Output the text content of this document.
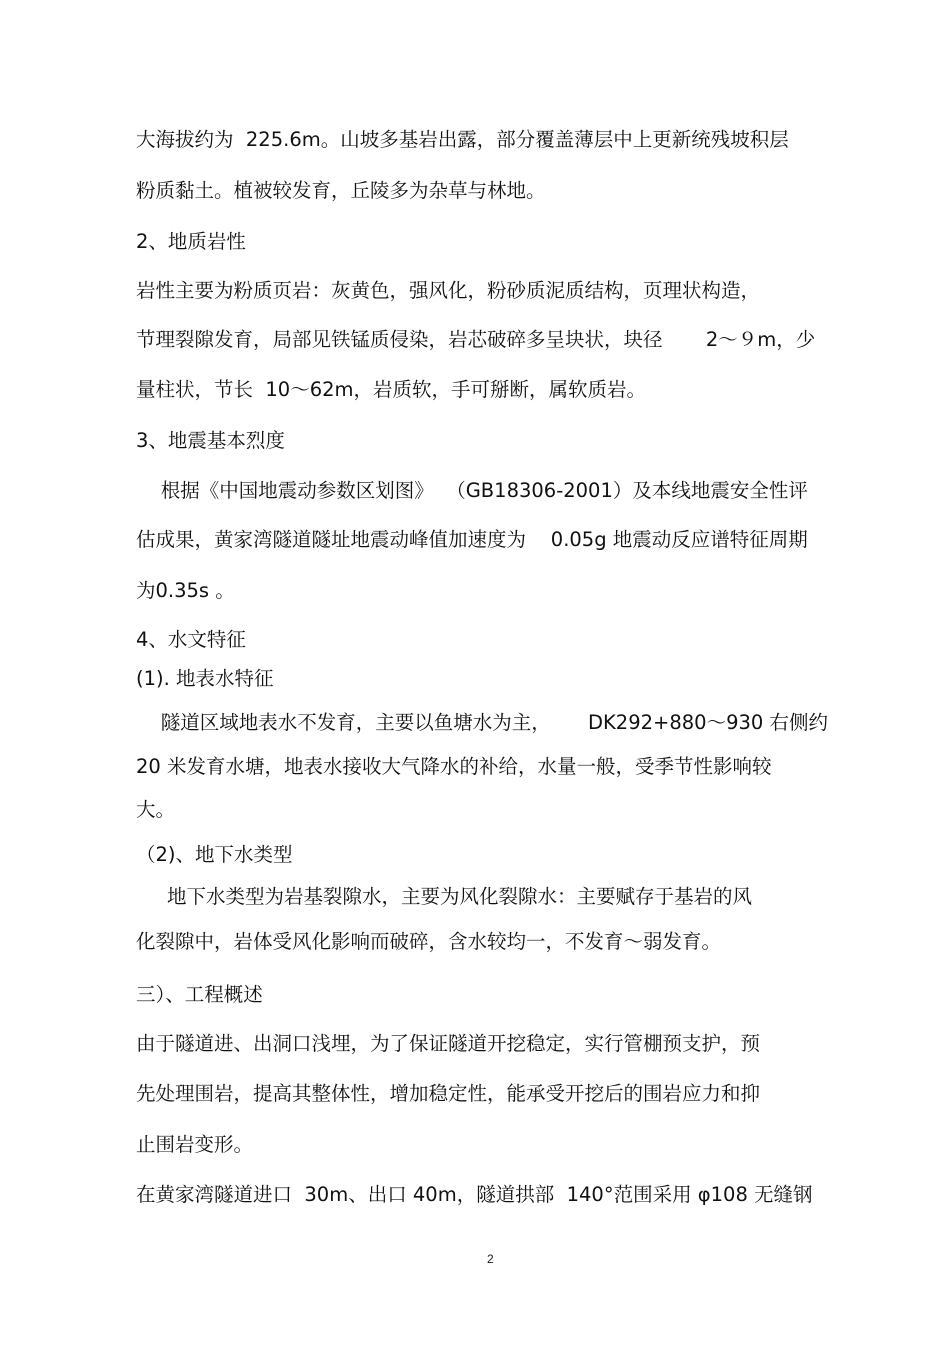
大海拔约为  225.6m。山坡多基岩出露，部分覆盖薄层中上更新统残坡积层
粉质黏土。植被较发育，丘陵多为杂草与林地。
2、地质岩性
岩性主要为粉质页岩：灰黄色，强风化，粉砂质泥质结构，页理状构造，
节理裂隙发育，局部见铁锰质侵染，岩芯破碎多呈块状，块径       2～９m，少
量柱状，节长  10～62m，岩质软，手可掰断，属软质岩。
3、地震基本烈度
根据《中国地震动参数区划图》  （GB18306-2001）及本线地震安全性评
估成果，黄家湾隧道隧址地震动峰值加速度为    0.05g 地震动反应谱特征周期
为0.35s 。
4、水文特征
(1). 地表水特征
隧道区域地表水不发育，主要以鱼塘水为主，      DK292+880～930 右侧约
20 米发育水塘，地表水接收大气降水的补给，水量一般，受季节性影响较
大。
（2)、地下水类型
地下水类型为岩基裂隙水，主要为风化裂隙水：主要赋存于基岩的风
化裂隙中，岩体受风化影响而破碎，含水较均一，不发育～弱发育。
三）、工程概述
由于隧道进、出洞口浅埋，为了保证隧道开挖稳定，实行管棚预支护，预
先处理围岩，提高其整体性，增加稳定性，能承受开挖后的围岩应力和抑
止围岩变形。
在黄家湾隧道进口  30m、出口 40m，隧道拱部  140°范围采用 φ108 无缝钢
2
